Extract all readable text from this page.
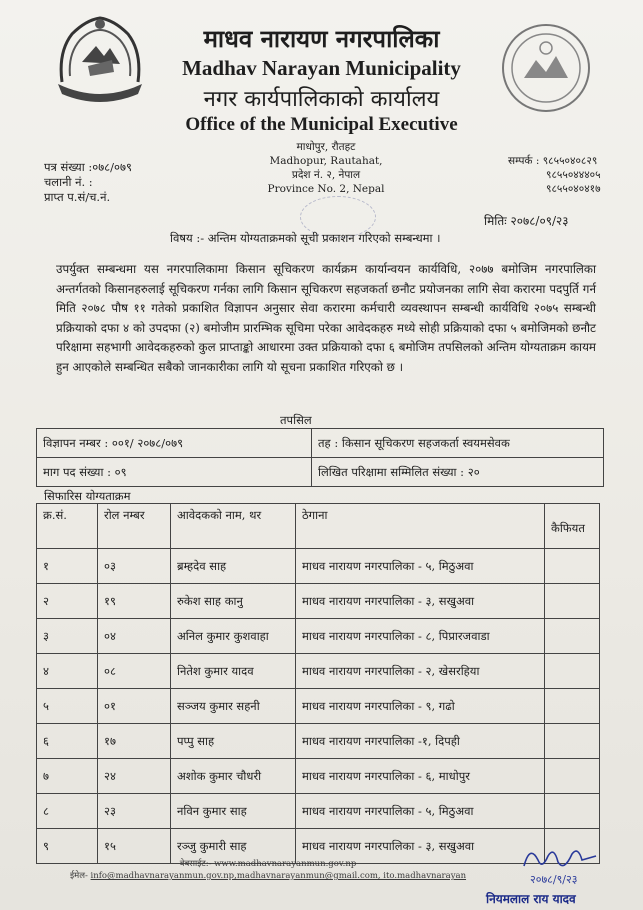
माधव नारायण नगरपालिका
Madhav Narayan Municipality
नगर कार्यपालिकाको कार्यालय
Office of the Municipal Executive
माधोपुर, रौतहट
Madhopur, Rautahat,
प्रदेश नं. २, नेपाल
Province No. 2, Nepal
पत्र संख्या :०७८/०७९
चलानी नं. :
प्राप्त प.सं/च.नं.
सम्पर्क : ९८५५०४०८२९
९८५५०४४४०५
९८५५०४०४१७
मितिः २०७८/०९/२३
विषय :- अन्तिम योग्यताक्रमको सूची प्रकाशन गरिएको सम्बन्धमा ।
उपर्युक्त सम्बन्धमा यस नगरपालिकामा किसान सूचिकरण कार्यक्रम कार्यान्वयन कार्यविधि, २०७७ बमोजिम नगरपालिका अन्तर्गतको किसानहरुलाई सूचिकरण गर्नका लागि किसान सूचिकरण सहजकर्ता छनौट प्रयोजनका लागि सेवा करारमा पदपुर्ति गर्न मिति २०७८ पौष ११ गतेको प्रकाशित विज्ञापन अनुसार सेवा करारमा कर्मचारी व्यवस्थापन सम्बन्धी कार्यविधि २०७५ सम्बन्धी प्रक्रियाको दफा ४ को उपदफा (२) बमोजीम प्रारम्भिक सूचिमा परेका आवेदकहरु मध्ये सोही प्रक्रियाको दफा ५ बमोजिमको छनौट परिक्षामा सहभागी आवेदकहरुको कुल प्राप्ताङ्को आधारमा उक्त प्रक्रियाको दफा ६ बमोजिम तपसिलको अन्तिम योग्यताक्रम कायम हुन आएकोले सम्बन्धित सबैको जानकारीका लागि यो सूचना प्रकाशित गरिएको छ ।
तपसिल
विज्ञापन नम्बर : ००१/ २०७८/०७९	तह : किसान सूचिकरण सहजकर्ता स्वयमसेवक
माग पद संख्या : ०९	लिखित परिक्षामा सम्मिलित संख्या : २०
सिफारिस योग्यताक्रम
क्र.सं.	रोल नम्बर	आवेदकको नाम, थर	ठेगाना	कैफियत
१	०३	ब्रम्हदेव साह	माधव नारायण नगरपालिका - ५, मिठुअवा	
२	१९	रुकेश साह कानु	माधव नारायण नगरपालिका - ३, सखुअवा	
३	०४	अनिल कुमार कुशवाहा	माधव नारायण नगरपालिका - ८, पिप्रारजवाडा	
४	०८	नितेश कुमार यादव	माधव नारायण नगरपालिका - २, खेसरहिया	
५	०१	सञ्जय कुमार सहनी	माधव नारायण नगरपालिका - ९, गढो	
६	१७	पप्पु साह	माधव नारायण नगरपालिका -१, दिपही	
७	२४	अशोक कुमार चौधरी	माधव नारायण नगरपालिका - ६, माधोपुर	
८	२३	नविन कुमार साह	माधव नारायण नगरपालिका - ५, मिठुअवा	
९	१५	रञ्जु कुमारी साह	माधव नारायण नगरपालिका - ३, सखुअवा	
वेबसाईट:- www.madhavnarayanmun.gov.np
ईमेल- info@madhavnarayanmun.gov.np,madhavnarayanmun@gmail.com, ito.madhavnarayan	२०७८/९/२३
नियमलाल राय यादव
